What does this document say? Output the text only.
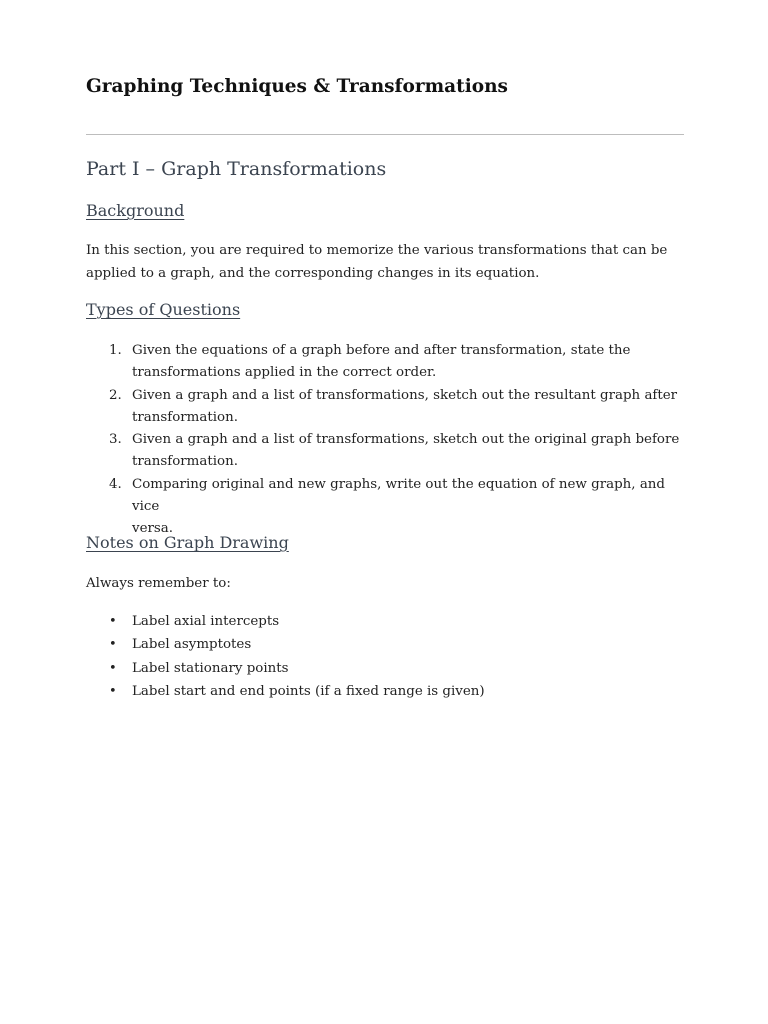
Graphing Techniques & Transformations
Part I – Graph Transformations
Background

In this section, you are required to memorize the various transformations that can be
applied to a graph, and the corresponding changes in its equation.

Types of Questions
1. Given the equations of a graph before and after transformation, state the
transformations applied in the correct order.
2. Given a graph and a list of transformations, sketch out the resultant graph after
transformation.
3. Given a graph and a list of transformations, sketch out the original graph before
transformation.
4. Comparing original and new graphs, write out the equation of new graph, and vice
versa.
Notes on Graph Drawing

Always remember to:

• Label axial intercepts
• Label asymptotes
• Label stationary points
• Label start and end points (if a fixed range is given)
